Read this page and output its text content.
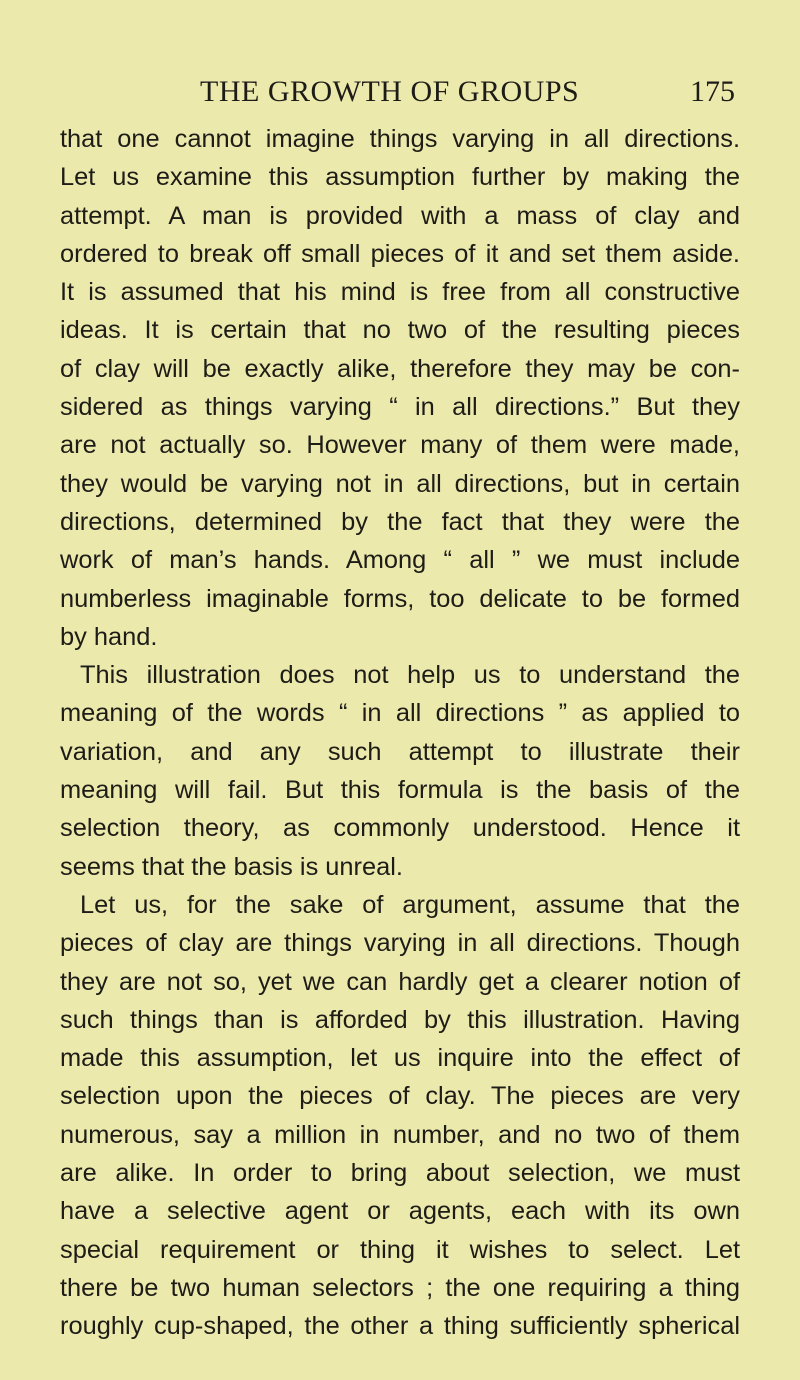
THE GROWTH OF GROUPS	175
that one cannot imagine things varying in all directions.
Let us examine this assumption further by making the
attempt. A man is provided with a mass of clay and
ordered to break off small pieces of it and set them aside.
It is assumed that his mind is free from all constructive
ideas. It is certain that no two of the resulting pieces
of clay will be exactly alike, therefore they may be con-
sidered as things varying “ in all directions.” But they
are not actually so. However many of them were made,
they would be varying not in all directions, but in certain
directions, determined by the fact that they were the
work of man’s hands. Among “ all ” we must include
numberless imaginable forms, too delicate to be formed
by hand.
This illustration does not help us to understand the
meaning of the words “ in all directions ” as applied to
variation, and any such attempt to illustrate their
meaning will fail. But this formula is the basis of the
selection theory, as commonly understood. Hence it
seems that the basis is unreal.
Let us, for the sake of argument, assume that the
pieces of clay are things varying in all directions. Though
they are not so, yet we can hardly get a clearer notion of
such things than is afforded by this illustration. Having
made this assumption, let us inquire into the effect of
selection upon the pieces of clay. The pieces are very
numerous, say a million in number, and no two of them
are alike. In order to bring about selection, we must
have a selective agent or agents, each with its own
special requirement or thing it wishes to select. Let
there be two human selectors ; the one requiring a thing
roughly cup-shaped, the other a thing sufficiently spherical
